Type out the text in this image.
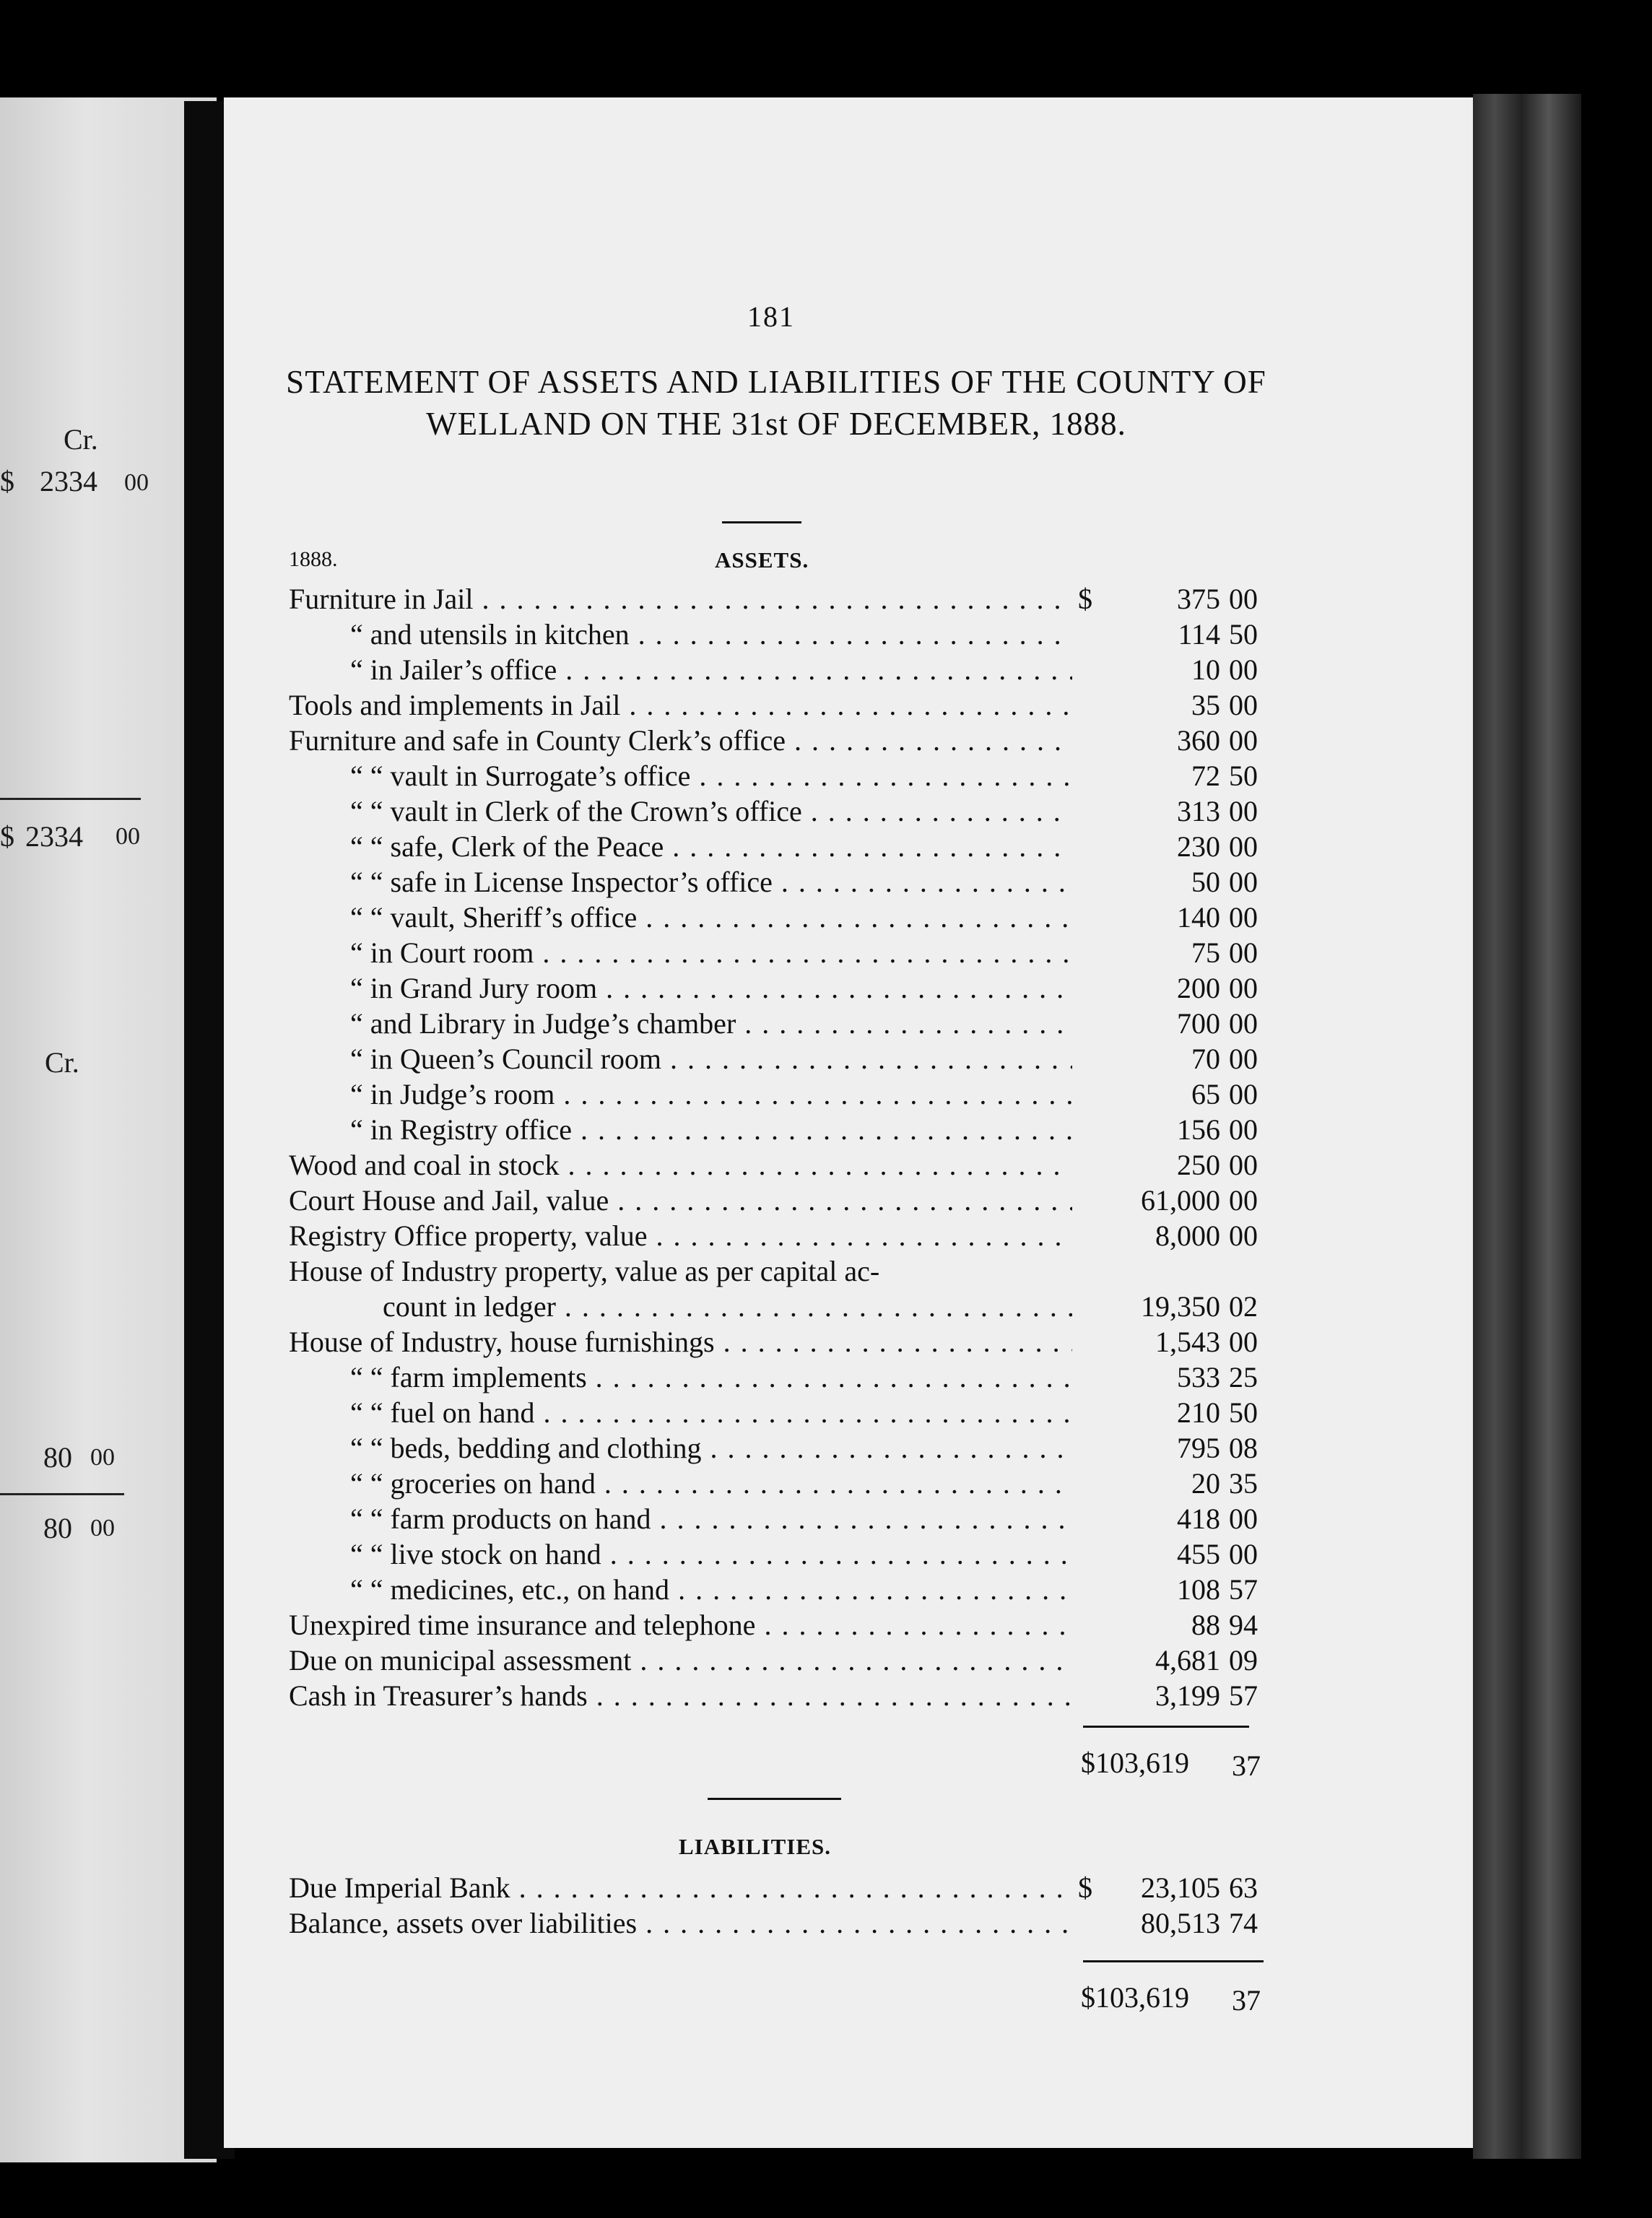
Cr.
$ 2334 00
$ 2334 00
Cr.
80 00
80 00
181
STATEMENT OF ASSETS AND LIABILITIES OF THE COUNTY OF WELLAND ON THE 31st OF DECEMBER, 1888.
1888.	ASSETS.
Furniture in Jail . . .	$	375 00
“ and utensils in kitchen . . .	114 50
“ in Jailer’s office . . .	10 00
Tools and implements in Jail . . .	35 00
Furniture and safe in County Clerk’s office . . .	360 00
“ “ vault in Surrogate’s office . . .	72 50
“ “ vault in Clerk of the Crown’s office . . .	313 00
“ “ safe, Clerk of the Peace . . .	230 00
“ “ safe in License Inspector’s office . . .	50 00
“ “ vault, Sheriff’s office . . .	140 00
“ in Court room . . .	75 00
“ in Grand Jury room . . .	200 00
“ and Library in Judge’s chamber . . .	700 00
“ in Queen’s Council room . . .	70 00
“ in Judge’s room . . .	65 00
“ in Registry office . . .	156 00
Wood and coal in stock . . .	250 00
Court House and Jail, value . . .	61,000 00
Registry Office property, value . . .	8,000 00
House of Industry property, value as per capital ac-
count in ledger . . .	19,350 02
House of Industry, house furnishings . . .	1,543 00
“ “ farm implements . . .	533 25
“ “ fuel on hand . . .	210 50
“ “ beds, bedding and clothing . . .	795 08
“ “ groceries on hand . . .	20 35
“ “ farm products on hand . . .	418 00
“ “ live stock on hand . . .	455 00
“ “ medicines, etc., on hand . . .	108 57
Unexpired time insurance and telephone . . .	88 94
Due on municipal assessment . . .	4,681 09
Cash in Treasurer’s hands . . .	3,199 57
$103,619 37
LIABILITIES.
Due Imperial Bank . . .	$	23,105 63
Balance, assets over liabilities . . .	80,513 74
$103,619 37
